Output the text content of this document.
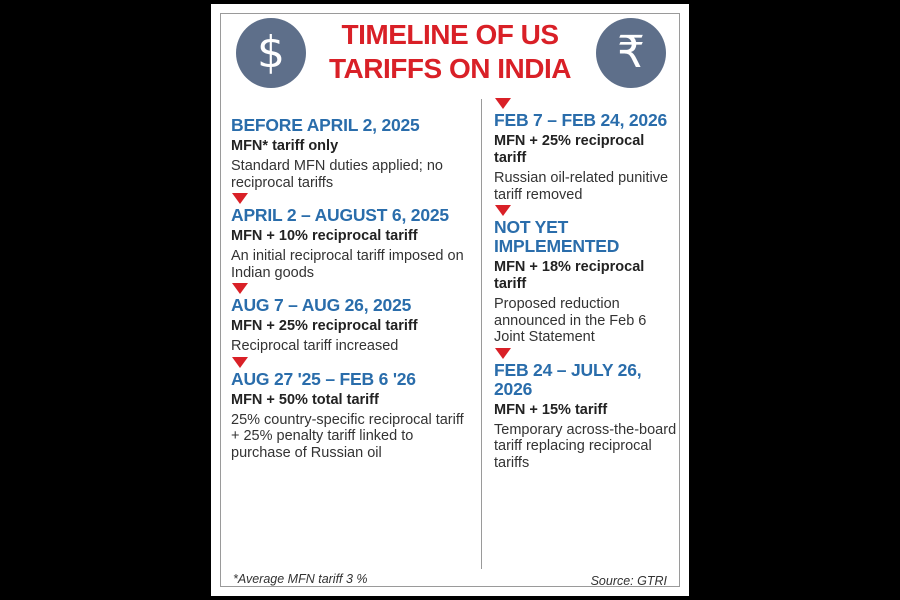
$	₹
TIMELINE OF US
TARIFFS ON INDIA
BEFORE APRIL 2, 2025
MFN* tariff only
Standard MFN duties applied; no reciprocal tariffs
APRIL 2 – AUGUST 6, 2025
MFN + 10% reciprocal tariff
An initial reciprocal tariff imposed on Indian goods
AUG 7 – AUG 26, 2025
MFN + 25% reciprocal tariff
Reciprocal tariff increased
AUG 27 '25 – FEB 6 '26
MFN + 50% total tariff
25% country-specific reciprocal tariff + 25% penalty tariff linked to purchase of Russian oil
FEB 7 – FEB 24, 2026
MFN + 25% reciprocal tariff
Russian oil-related punitive tariff removed
NOT YET IMPLEMENTED
MFN + 18% reciprocal tariff
Proposed reduction announced in the Feb 6 Joint Statement
FEB 24 – JULY 26, 2026
MFN + 15% tariff
Temporary across-the-board tariff replacing reciprocal tariffs
*Average MFN tariff 3 %	Source: GTRI
